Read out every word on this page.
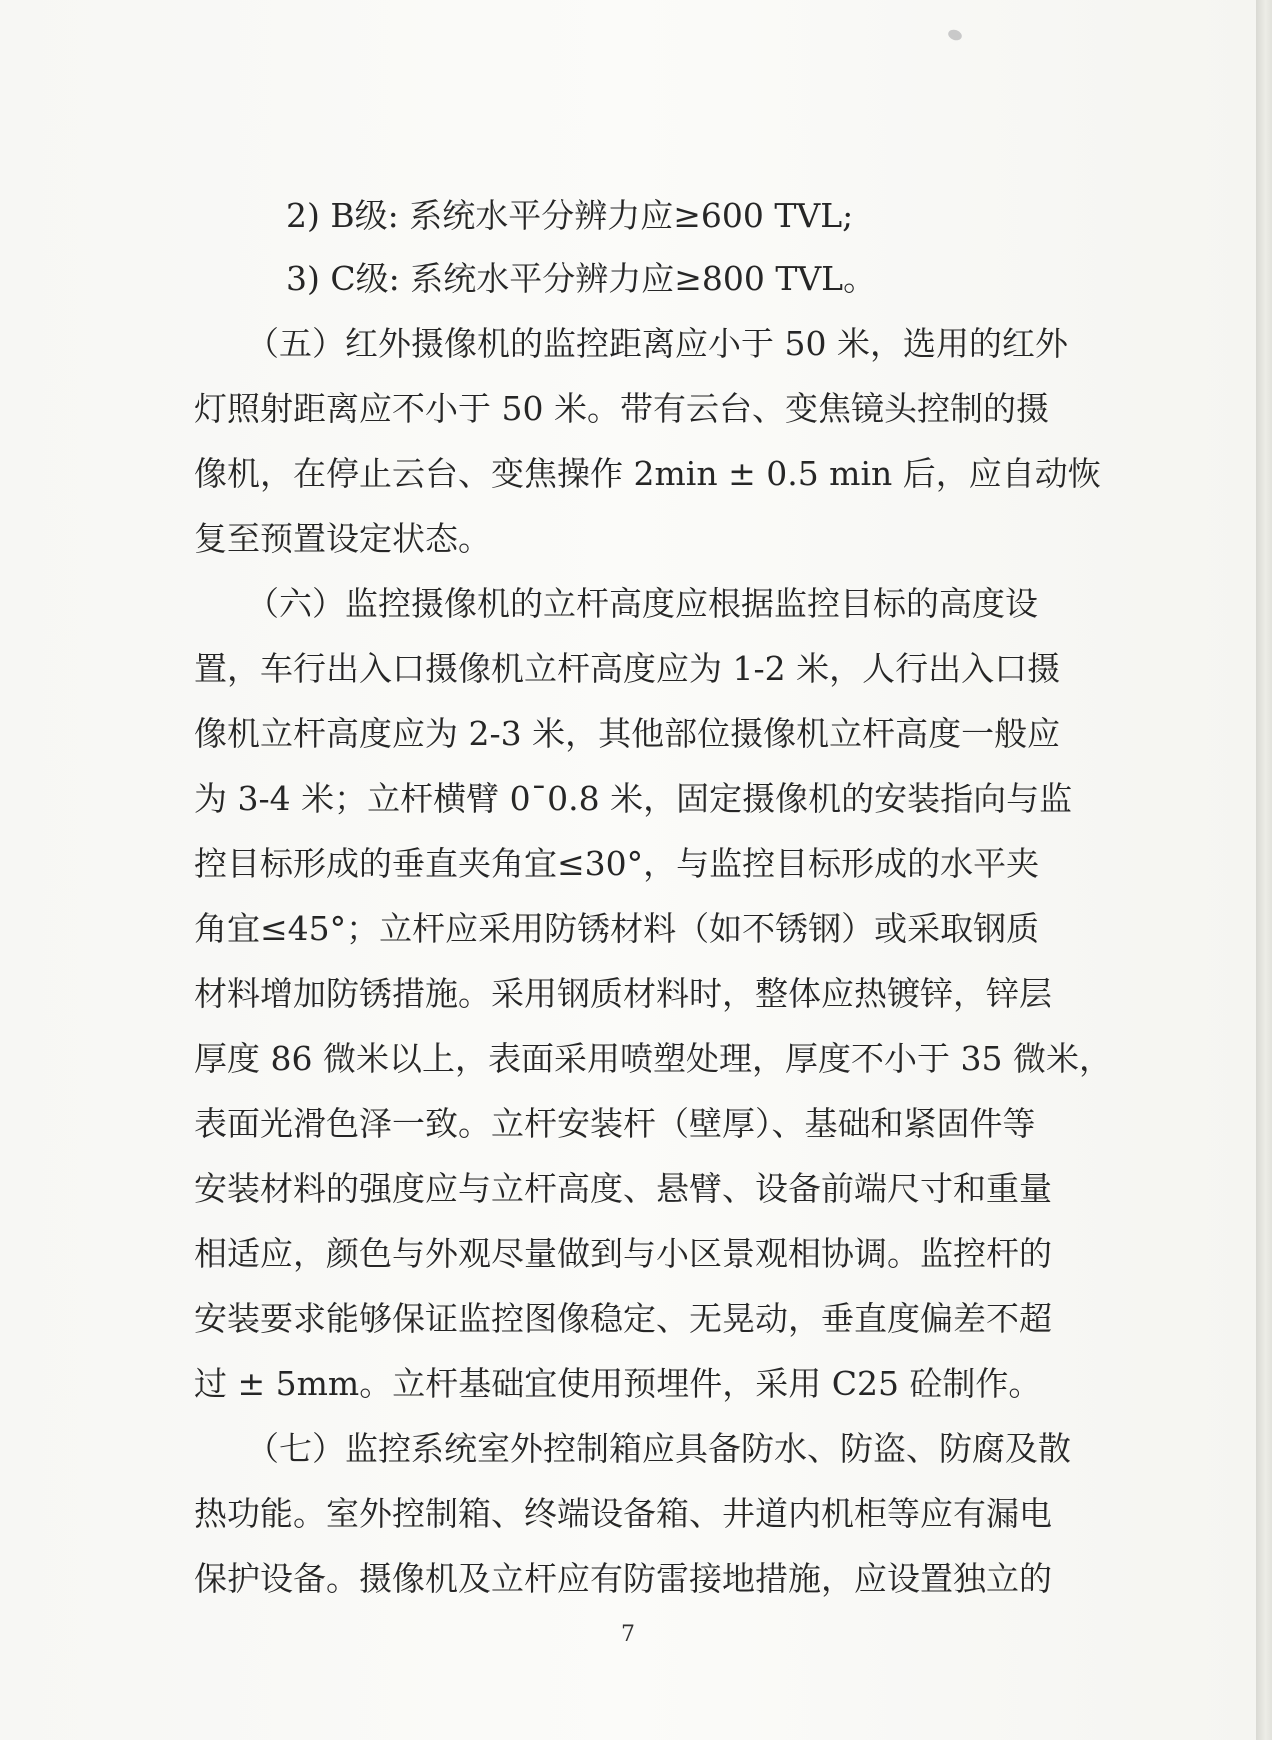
2) B级: 系统水平分辨力应≥600 TVL;
3) C级: 系统水平分辨力应≥800 TVL。
（五）红外摄像机的监控距离应小于 50 米，选用的红外
灯照射距离应不小于 50 米。带有云台、变焦镜头控制的摄
像机，在停止云台、变焦操作 2min ± 0.5 min 后，应自动恢
复至预置设定状态。
（六）监控摄像机的立杆高度应根据监控目标的高度设
置，车行出入口摄像机立杆高度应为 1-2 米，人行出入口摄
像机立杆高度应为 2-3 米，其他部位摄像机立杆高度一般应
为 3-4 米；立杆横臂 0¯0.8 米，固定摄像机的安装指向与监
控目标形成的垂直夹角宜≤30°，与监控目标形成的水平夹
角宜≤45°；立杆应采用防锈材料（如不锈钢）或采取钢质
材料增加防锈措施。采用钢质材料时，整体应热镀锌，锌层
厚度 86 微米以上，表面采用喷塑处理，厚度不小于 35 微米，
表面光滑色泽一致。立杆安装杆（壁厚）、基础和紧固件等
安装材料的强度应与立杆高度、悬臂、设备前端尺寸和重量
相适应，颜色与外观尽量做到与小区景观相协调。监控杆的
安装要求能够保证监控图像稳定、无晃动，垂直度偏差不超
过 ± 5mm。立杆基础宜使用预埋件，采用 C25 砼制作。
（七）监控系统室外控制箱应具备防水、防盗、防腐及散
热功能。室外控制箱、终端设备箱、井道内机柜等应有漏电
保护设备。摄像机及立杆应有防雷接地措施，应设置独立的
7
